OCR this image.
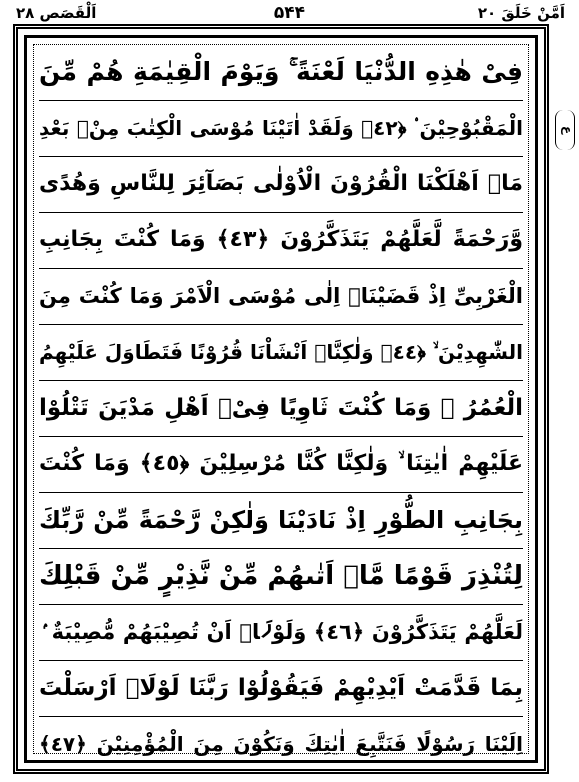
اَلْقَصَص ٢٨	۵۴۴	اَمَّنْ خَلَقَ ٢٠
ع
فِىْ هٰذِهِ الدُّنْيَا لَعْنَةً ۚ وَيَوْمَ الْقِيٰمَةِ هُمْ مِّنَ
الْمَقْبُوْحِيْنَ ۟ ﴿٤٢﴾ وَلَقَدْ اٰتَيْنَا مُوْسَى الْكِتٰبَ مِنْۢ بَعْدِ
مَاۤ اَهْلَكْنَا الْقُرُوْنَ الْاُوْلٰى بَصَآئِرَ لِلنَّاسِ وَهُدًى
وَّرَحْمَةً لَّعَلَّهُمْ يَتَذَكَّرُوْنَ ﴿٤٣﴾ وَمَا كُنْتَ بِجَانِبِ
الْغَرْبِىِّ اِذْ قَضَيْنَاۤ اِلٰى مُوْسَى الْاَمْرَ وَمَا كُنْتَ مِنَ
الشّٰهِدِيْنَ ۙ ﴿٤٤﴾ وَلٰكِنَّاۤ اَنْشَاْنَا قُرُوْنًا فَتَطَاوَلَ عَلَيْهِمُ
الْعُمُرُ ۚ وَمَا كُنْتَ ثَاوِيًا فِىْۤ اَهْلِ مَدْيَنَ تَتْلُوْا
عَلَيْهِمْ اٰيٰتِنَا ۙ وَلٰكِنَّا كُنَّا مُرْسِلِيْنَ ﴿٤٥﴾ وَمَا كُنْتَ
بِجَانِبِ الطُّوْرِ اِذْ نَادَيْنَا وَلٰكِنْ رَّحْمَةً مِّنْ رَّبِّكَ
لِتُنْذِرَ قَوْمًا مَّاۤ اَتٰىهُمْ مِّنْ نَّذِيْرٍ مِّنْ قَبْلِكَ
لَعَلَّهُمْ يَتَذَكَّرُوْنَ ﴿٤٦﴾ وَلَوْلَاۤ اَنْ تُصِيْبَهُمْ مُّصِيْبَةٌ ۢ
بِمَا قَدَّمَتْ اَيْدِيْهِمْ فَيَقُوْلُوْا رَبَّنَا لَوْلَاۤ اَرْسَلْتَ
اِلَيْنَا رَسُوْلًا فَنَتَّبِعَ اٰيٰتِكَ وَنَكُوْنَ مِنَ الْمُؤْمِنِيْنَ ﴿٤٧﴾
